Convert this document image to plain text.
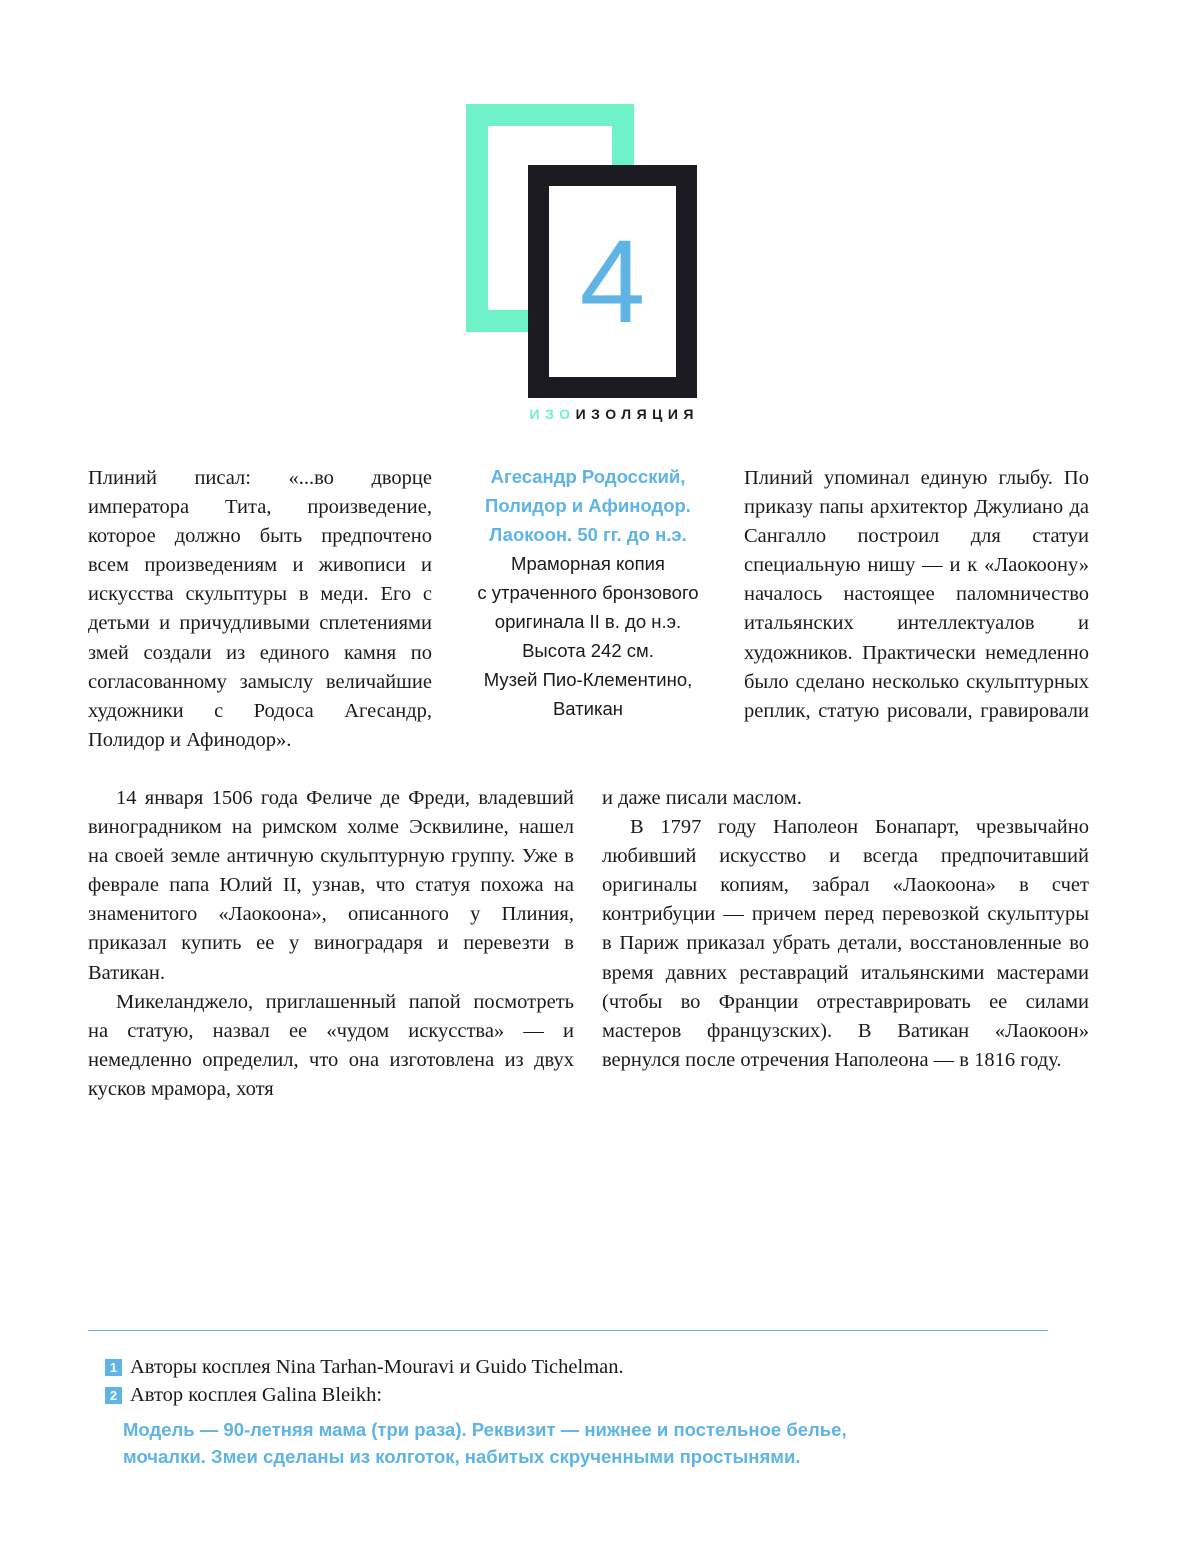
4
ИЗОИЗОЛЯЦИЯ

Плиний писал: «...во дворце императора Тита, произведение, которое должно быть предпочтено всем произведениям и живописи и искусства скульптуры в меди. Его с детьми и причудливыми сплетениями змей создали из единого камня по согласованному замыслу величайшие художники с Родоса Агесандр, Полидор и Афинодор».

Агесандр Родосский,

Полидор и Афинодор.

Лаокоон. 50 гг. до н.э.

Мраморная копия

с утраченного бронзового

оригинала II в. до н.э.

Высота 242 см.

Музей Пио-Клементино,

Ватикан

Плиний упоминал единую глыбу. По приказу папы архитектор Джулиано да Сангалло построил для статуи специальную нишу — и к «Лаокоону» началось настоящее паломничество итальянских интеллектуалов и художников. Практически немедленно было сделано несколько скульптурных реплик, статую рисовали, гравировали

14 января 1506 года Феличе де Фреди, владевший виноградником на римском холме Эсквилине, нашел на своей земле античную скульптурную группу. Уже в феврале папа Юлий II, узнав, что статуя похожа на знаменитого «Лаокоона», описанного у Плиния, приказал купить ее у виноградаря и перевезти в Ватикан.

Микеланджело, приглашенный папой посмотреть на статую, назвал ее «чудом искусства» — и немедленно определил, что она изготовлена из двух кусков мрамора, хотя

и даже писали маслом.

В 1797 году Наполеон Бонапарт, чрезвычайно любивший искусство и всегда предпочитавший оригиналы копиям, забрал «Лаокоона» в счет контрибуции — причем перед перевозкой скульптуры в Париж приказал убрать детали, восстановленные во время давних реставраций итальянскими мастерами (чтобы во Франции отреставрировать ее силами мастеров французских). В Ватикан «Лаокоон» вернулся после отречения Наполеона — в 1816 году.

1 Авторы косплея Nina Tarhan-Mouravi и Guido Tichelman.
2 Автор косплея Galina Bleikh:
Модель — 90-летняя мама (три раза). Реквизит — нижнее и постельное белье,
мочалки. Змеи сделаны из колготок, набитых скрученными простынями.
